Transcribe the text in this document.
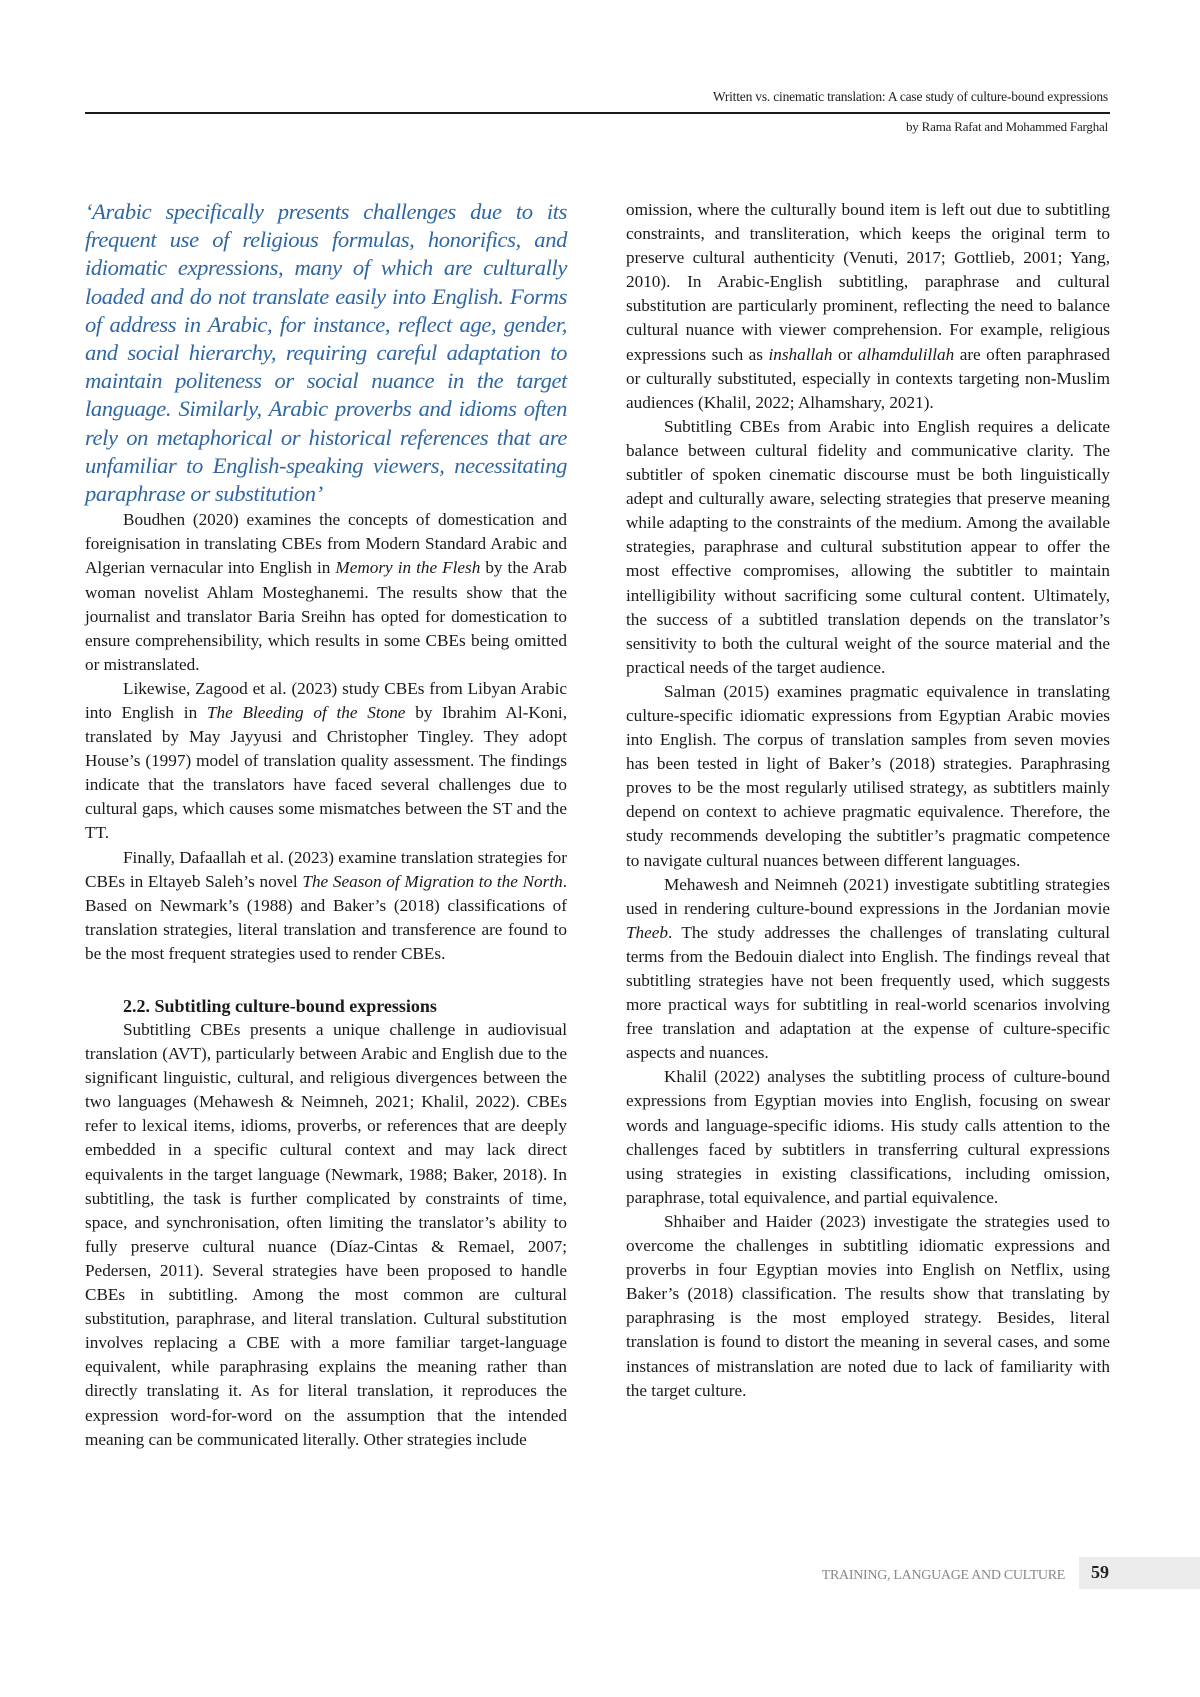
Written vs. cinematic translation: A case study of culture-bound expressions
by Rama Rafat and Mohammed Farghal

‘Arabic specifically presents challenges due to its frequent use of religious formulas, honorifics, and idiomatic expressions, many of which are culturally loaded and do not translate easily into English. Forms of address in Arabic, for instance, reflect age, gender, and social hierarchy, requiring careful adaptation to maintain politeness or social nuance in the target language. Similarly, Arabic proverbs and idioms often rely on metaphorical or historical references that are unfamiliar to English-speaking viewers, necessitating paraphrase or substitution’

Boudhen (2020) examines the concepts of domestication and foreignisation in translating CBEs from Modern Standard Arabic and Algerian vernacular into English in Memory in the Flesh by the Arab woman novelist Ahlam Mosteghanemi. The results show that the journalist and translator Baria Sreihn has opted for domestication to ensure comprehensibility, which results in some CBEs being omitted or mistranslated.

Likewise, Zagood et al. (2023) study CBEs from Libyan Arabic into English in The Bleeding of the Stone by Ibrahim Al-Koni, translated by May Jayyusi and Christopher Tingley. They adopt House’s (1997) model of translation quality assessment. The findings indicate that the translators have faced several challenges due to cultural gaps, which causes some mismatches between the ST and the TT.

Finally, Dafaallah et al. (2023) examine translation strategies for CBEs in Eltayeb Saleh’s novel The Season of Migration to the North. Based on Newmark’s (1988) and Baker’s (2018) classifications of translation strategies, literal translation and transference are found to be the most frequent strategies used to render CBEs.

2.2. Subtitling culture-bound expressions

Subtitling CBEs presents a unique challenge in audiovisual translation (AVT), particularly between Arabic and English due to the significant linguistic, cultural, and religious divergences between the two languages (Mehawesh & Neimneh, 2021; Khalil, 2022). CBEs refer to lexical items, idioms, proverbs, or references that are deeply embedded in a specific cultural context and may lack direct equivalents in the target language (Newmark, 1988; Baker, 2018). In subtitling, the task is further complicated by constraints of time, space, and synchronisation, often limiting the translator’s ability to fully preserve cultural nuance (Díaz-Cintas & Remael, 2007; Pedersen, 2011). Several strategies have been proposed to handle CBEs in subtitling. Among the most common are cultural substitution, paraphrase, and literal translation. Cultural substitution involves replacing a CBE with a more familiar target-language equivalent, while paraphrasing explains the meaning rather than directly translating it. As for literal translation, it reproduces the expression word-for-word on the assumption that the intended meaning can be communicated literally. Other strategies include

omission, where the culturally bound item is left out due to subtitling constraints, and transliteration, which keeps the original term to preserve cultural authenticity (Venuti, 2017; Gottlieb, 2001; Yang, 2010). In Arabic-English subtitling, paraphrase and cultural substitution are particularly prominent, reflecting the need to balance cultural nuance with viewer comprehension. For example, religious expressions such as inshallah or alhamdulillah are often paraphrased or culturally substituted, especially in contexts targeting non-Muslim audiences (Khalil, 2022; Alhamshary, 2021).

Subtitling CBEs from Arabic into English requires a delicate balance between cultural fidelity and communicative clarity. The subtitler of spoken cinematic discourse must be both linguistically adept and culturally aware, selecting strategies that preserve meaning while adapting to the constraints of the medium. Among the available strategies, paraphrase and cultural substitution appear to offer the most effective compromises, allowing the subtitler to maintain intelligibility without sacrificing some cultural content. Ultimately, the success of a subtitled translation depends on the translator’s sensitivity to both the cultural weight of the source material and the practical needs of the target audience.

Salman (2015) examines pragmatic equivalence in translating culture-specific idiomatic expressions from Egyptian Arabic movies into English. The corpus of translation samples from seven movies has been tested in light of Baker’s (2018) strategies. Paraphrasing proves to be the most regularly utilised strategy, as subtitlers mainly depend on context to achieve pragmatic equivalence. Therefore, the study recommends developing the subtitler’s pragmatic competence to navigate cultural nuances between different languages.

Mehawesh and Neimneh (2021) investigate subtitling strategies used in rendering culture-bound expressions in the Jordanian movie Theeb. The study addresses the challenges of translating cultural terms from the Bedouin dialect into English. The findings reveal that subtitling strategies have not been frequently used, which suggests more practical ways for subtitling in real-world scenarios involving free translation and adaptation at the expense of culture-specific aspects and nuances.

Khalil (2022) analyses the subtitling process of culture-bound expressions from Egyptian movies into English, focusing on swear words and language-specific idioms. His study calls attention to the challenges faced by subtitlers in transferring cultural expressions using strategies in existing classifications, including omission, paraphrase, total equivalence, and partial equivalence.

Shhaiber and Haider (2023) investigate the strategies used to overcome the challenges in subtitling idiomatic expressions and proverbs in four Egyptian movies into English on Netflix, using Baker’s (2018) classification. The results show that translating by paraphrasing is the most employed strategy. Besides, literal translation is found to distort the meaning in several cases, and some instances of mistranslation are noted due to lack of familiarity with the target culture.

TRAINING, LANGUAGE AND CULTURE 59
